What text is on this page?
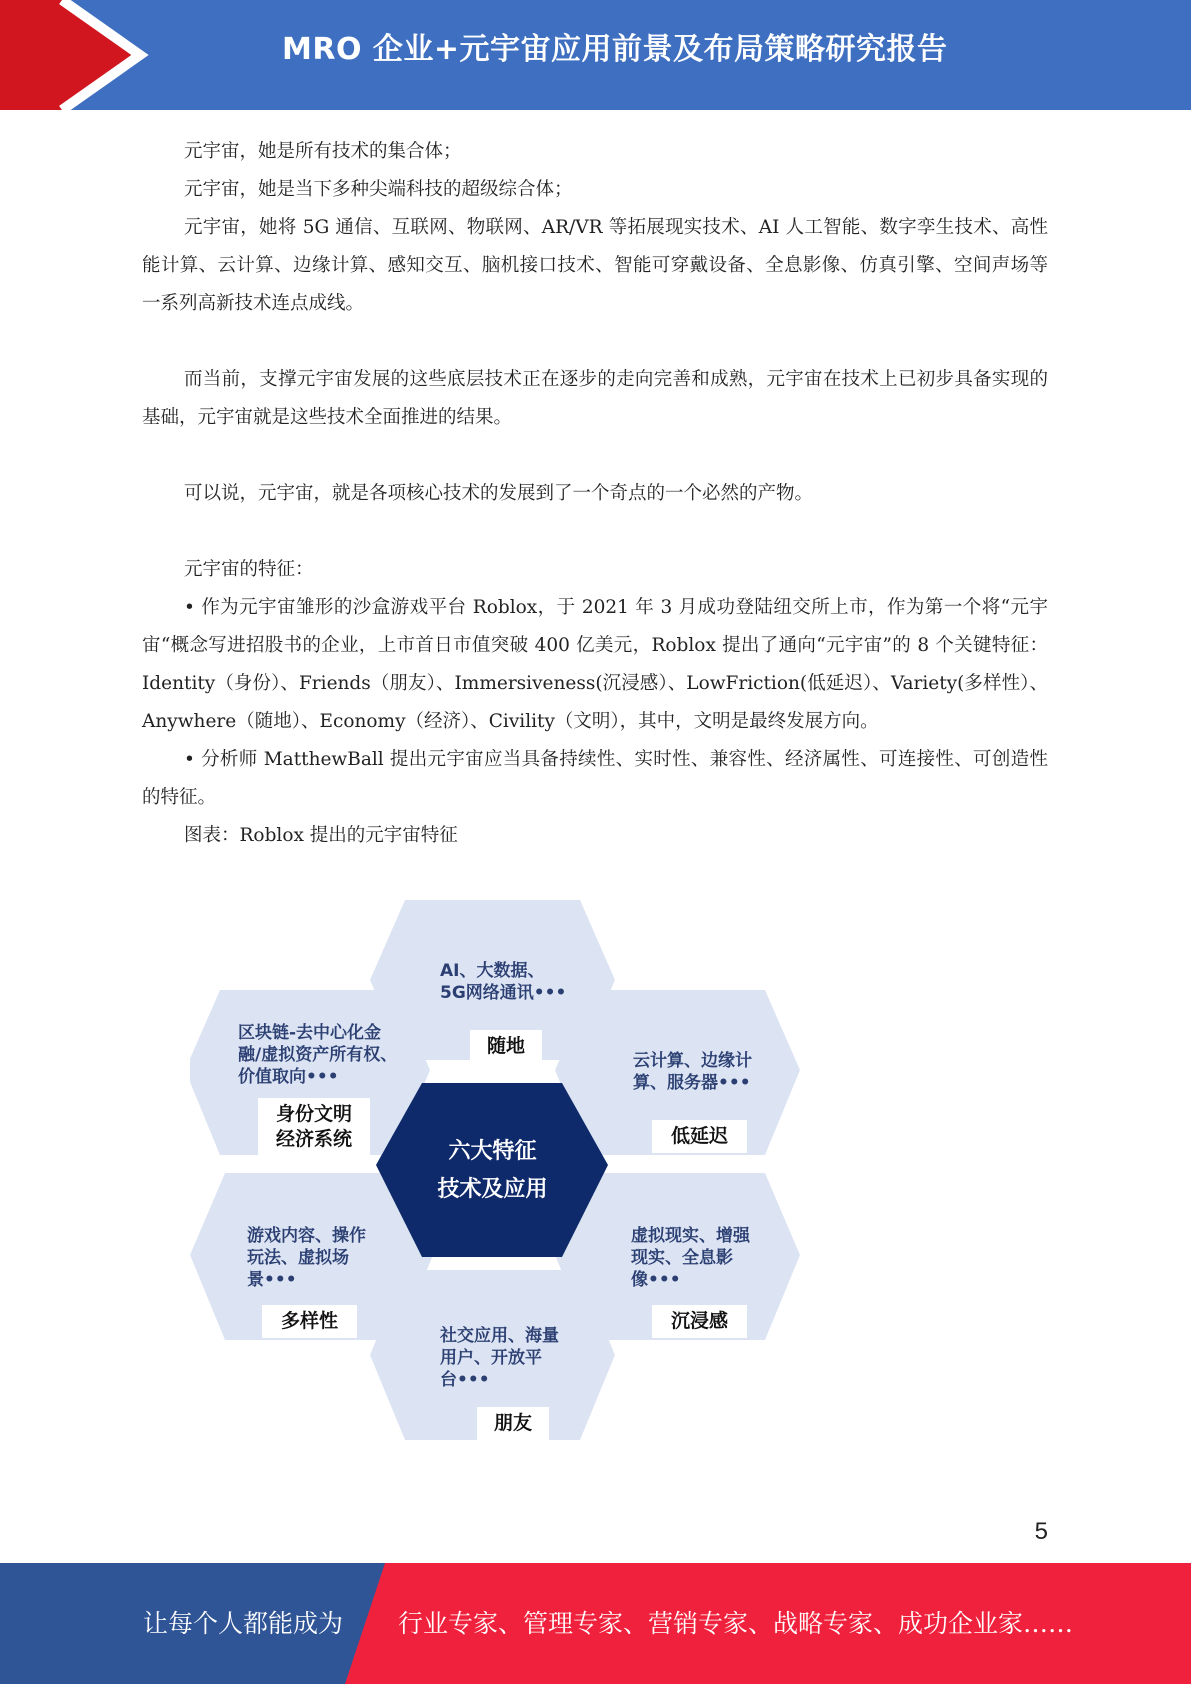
MRO 企业+元宇宙应用前景及布局策略研究报告

元宇宙，她是所有技术的集合体；

元宇宙，她是当下多种尖端科技的超级综合体；

元宇宙，她将 5G 通信、互联网、物联网、AR/VR 等拓展现实技术、AI 人工智能、数字孪生技术、高性能计算、云计算、边缘计算、感知交互、脑机接口技术、智能可穿戴设备、全息影像、仿真引擎、空间声场等一系列高新技术连点成线。

而当前，支撑元宇宙发展的这些底层技术正在逐步的走向完善和成熟，元宇宙在技术上已初步具备实现的基础，元宇宙就是这些技术全面推进的结果。

可以说，元宇宙，就是各项核心技术的发展到了一个奇点的一个必然的产物。

元宇宙的特征：

• 作为元宇宙雏形的沙盒游戏平台 Roblox，于 2021 年 3 月成功登陆纽交所上市，作为第一个将“元宇宙“概念写进招股书的企业，上市首日市值突破 400 亿美元，Roblox 提出了通向“元宇宙”的 8 个关键特征：Identity（身份）、Friends（朋友）、Immersiveness(沉浸感）、LowFriction(低延迟）、Variety(多样性）、Anywhere（随地）、Economy（经济）、Civility（文明），其中，文明是最终发展方向。

• 分析师 MatthewBall 提出元宇宙应当具备持续性、实时性、兼容性、经济属性、可连接性、可创造性的特征。

图表：Roblox 提出的元宇宙特征

AI、大数据、
5G网络通讯•••
随地
区块链-去中心化金
融/虚拟资产所有权、
价值取向•••
身份文明
经济系统
云计算、边缘计
算、服务器•••
低延迟
六大特征
技术及应用
游戏内容、操作
玩法、虚拟场
景•••
多样性
虚拟现实、增强
现实、全息影
像•••
沉浸感
社交应用、海量
用户、开放平
台•••
朋友
5
让每个人都能成为 行业专家、管理专家、营销专家、战略专家、成功企业家……
